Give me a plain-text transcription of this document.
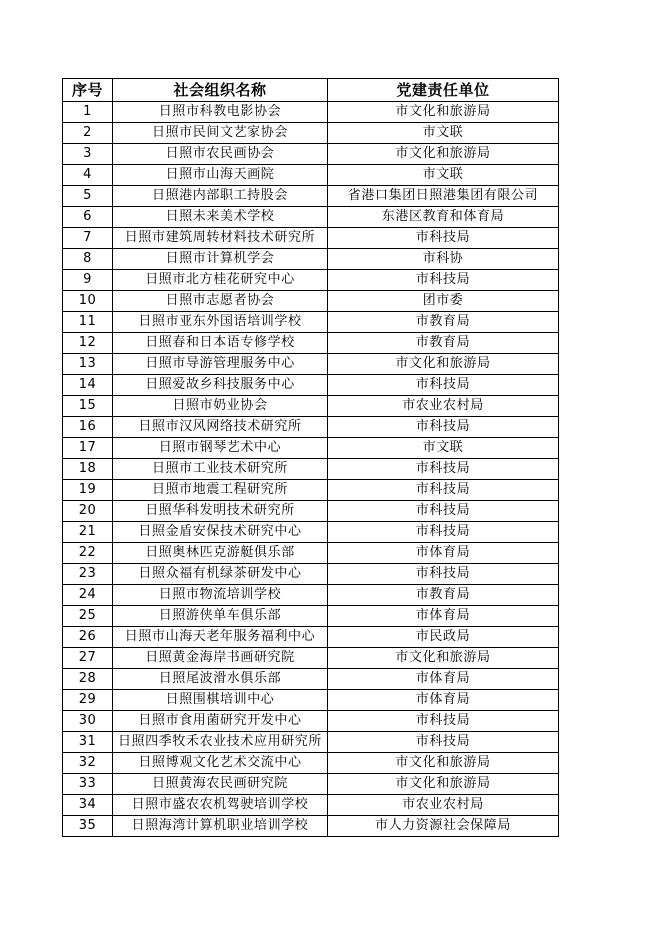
序号	社会组织名称	党建责任单位
1	日照市科教电影协会	市文化和旅游局
2	日照市民间文艺家协会	市文联
3	日照市农民画协会	市文化和旅游局
4	日照市山海天画院	市文联
5	日照港内部职工持股会	省港口集团日照港集团有限公司
6	日照未来美术学校	东港区教育和体育局
7	日照市建筑周转材料技术研究所	市科技局
8	日照市计算机学会	市科协
9	日照市北方桂花研究中心	市科技局
10	日照市志愿者协会	团市委
11	日照市亚东外国语培训学校	市教育局
12	日照春和日本语专修学校	市教育局
13	日照市导游管理服务中心	市文化和旅游局
14	日照爱故乡科技服务中心	市科技局
15	日照市奶业协会	市农业农村局
16	日照市汉风网络技术研究所	市科技局
17	日照市钢琴艺术中心	市文联
18	日照市工业技术研究所	市科技局
19	日照市地震工程研究所	市科技局
20	日照华科发明技术研究所	市科技局
21	日照金盾安保技术研究中心	市科技局
22	日照奥林匹克游艇俱乐部	市体育局
23	日照众福有机绿茶研发中心	市科技局
24	日照市物流培训学校	市教育局
25	日照游侠单车俱乐部	市体育局
26	日照市山海天老年服务福利中心	市民政局
27	日照黄金海岸书画研究院	市文化和旅游局
28	日照尾波滑水俱乐部	市体育局
29	日照围棋培训中心	市体育局
30	日照市食用菌研究开发中心	市科技局
31	日照四季牧禾农业技术应用研究所	市科技局
32	日照博观文化艺术交流中心	市文化和旅游局
33	日照黄海农民画研究院	市文化和旅游局
34	日照市盛农农机驾驶培训学校	市农业农村局
35	日照海湾计算机职业培训学校	市人力资源社会保障局
